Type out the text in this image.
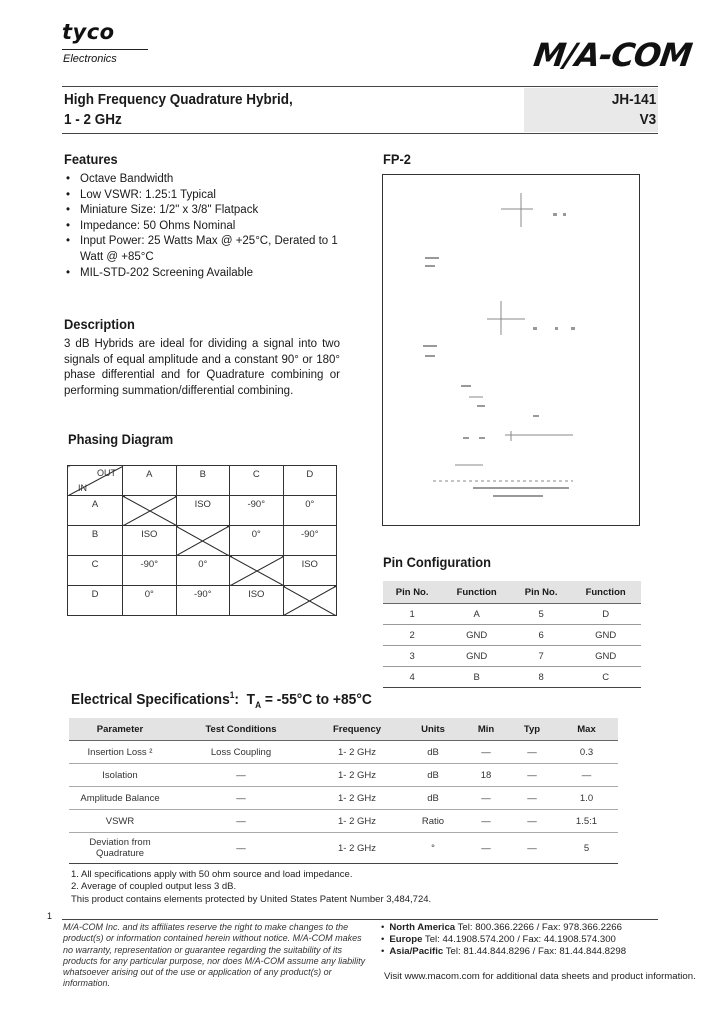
tyco
Electronics	M/A-COM
High Frequency Quadrature Hybrid,
1 - 2 GHz
JH-141
V3
Features
• Octave Bandwidth
• Low VSWR: 1.25:1 Typical
• Miniature Size: 1/2" x 3/8" Flatpack
• Impedance: 50 Ohms Nominal
• Input Power: 25 Watts Max @ +25°C, Derated to 1 Watt @ +85°C
• MIL-STD-202 Screening Available
Description
3 dB Hybrids are ideal for dividing a signal into two signals of equal amplitude and a constant 90° or 180° phase differential and for Quadrature combining or performing summation/differential combining.
Phasing Diagram
OUT
IN	A	B	C	D
A		ISO	-90°	0°
B	ISO		0°	-90°
C	-90°	0°		ISO
D	0°	-90°	ISO	
FP-2
Pin Configuration
Pin No.	Function	Pin No.	Function
1	A	5	D
2	GND	6	GND
3	GND	7	GND
4	B	8	C
Electrical Specifications$^1$:  $T_A = -55^\circ C$ to +85°C
Parameter	Test Conditions	Frequency	Units	Min	Typ	Max
Insertion Loss ²	Loss Coupling	1- 2 GHz	dB	—	—	0.3
Isolation	—	1- 2 GHz	dB	18	—	—
Amplitude Balance	—	1- 2 GHz	dB	—	—	1.0
VSWR	—	1- 2 GHz	Ratio	—	—	1.5:1
Deviation from Quadrature	—	1- 2 GHz	°	—	—	5
1. All specifications apply with 50 ohm source and load impedance.
2. Average of coupled output less 3 dB.
This product contains elements protected by United States Patent Number 3,484,724.
1
M/A-COM Inc. and its affiliates reserve the right to make changes to the product(s) or information contained herein without notice. M/A-COM makes no warranty, representation or guarantee regarding the suitability of its products for any particular purpose, nor does M/A-COM assume any liability whatsoever arising out of the use or application of any product(s) or information.
• North America Tel: 800.366.2266 / Fax: 978.366.2266
• Europe Tel: 44.1908.574.200 / Fax: 44.1908.574.300
• Asia/Pacific Tel: 81.44.844.8296 / Fax: 81.44.844.8298
Visit www.macom.com for additional data sheets and product information.
